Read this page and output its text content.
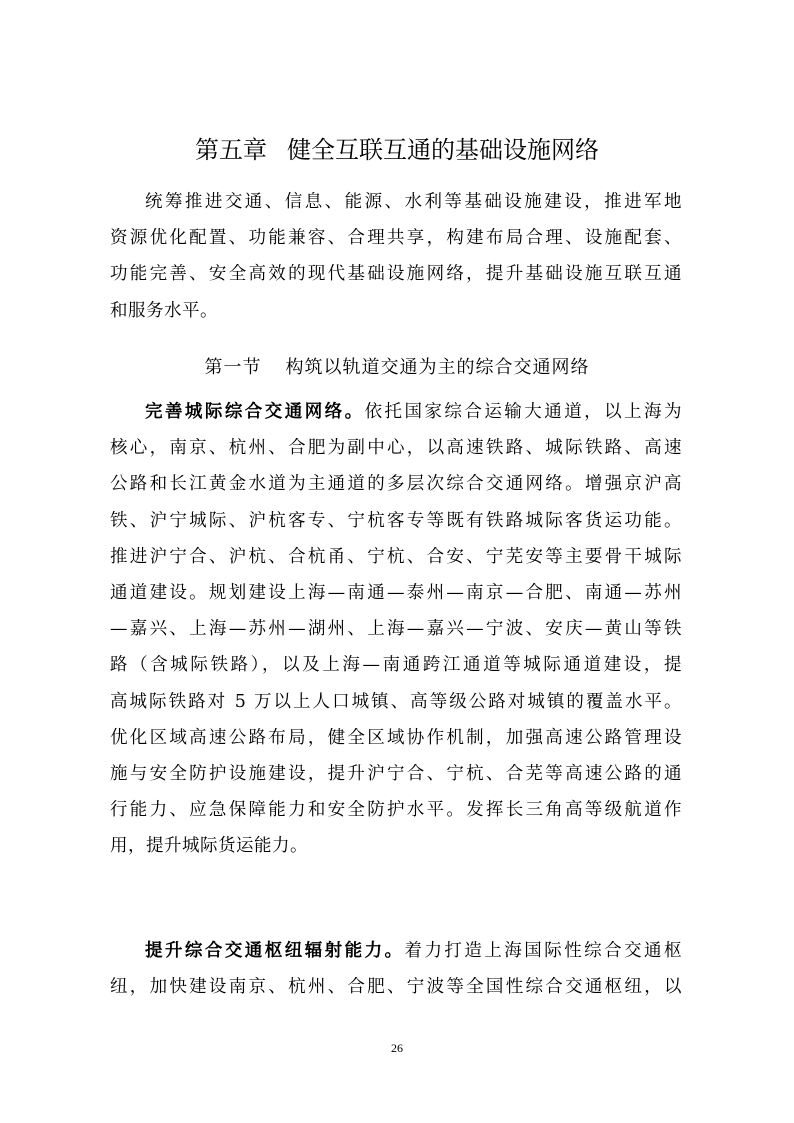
第五章 健全互联互通的基础设施网络
统筹推进交通、信息、能源、水利等基础设施建设，推进军地
资源优化配置、功能兼容、合理共享，构建布局合理、设施配套、
功能完善、安全高效的现代基础设施网络，提升基础设施互联互通
和服务水平。
第一节 构筑以轨道交通为主的综合交通网络
完善城际综合交通网络。依托国家综合运输大通道，以上海为
核心，南京、杭州、合肥为副中心，以高速铁路、城际铁路、高速
公路和长江黄金水道为主通道的多层次综合交通网络。增强京沪高
铁、沪宁城际、沪杭客专、宁杭客专等既有铁路城际客货运功能。
推进沪宁合、沪杭、合杭甬、宁杭、合安、宁芜安等主要骨干城际
通道建设。规划建设上海—南通—泰州—南京—合肥、南通—苏州
—嘉兴、上海—苏州—湖州、上海—嘉兴—宁波、安庆—黄山等铁
路（含城际铁路），以及上海—南通跨江通道等城际通道建设，提
高城际铁路对 5 万以上人口城镇、高等级公路对城镇的覆盖水平。
优化区域高速公路布局，健全区域协作机制，加强高速公路管理设
施与安全防护设施建设，提升沪宁合、宁杭、合芜等高速公路的通
行能力、应急保障能力和安全防护水平。发挥长三角高等级航道作
用，提升城际货运能力。
提升综合交通枢纽辐射能力。着力打造上海国际性综合交通枢
纽，加快建设南京、杭州、合肥、宁波等全国性综合交通枢纽，以
26
